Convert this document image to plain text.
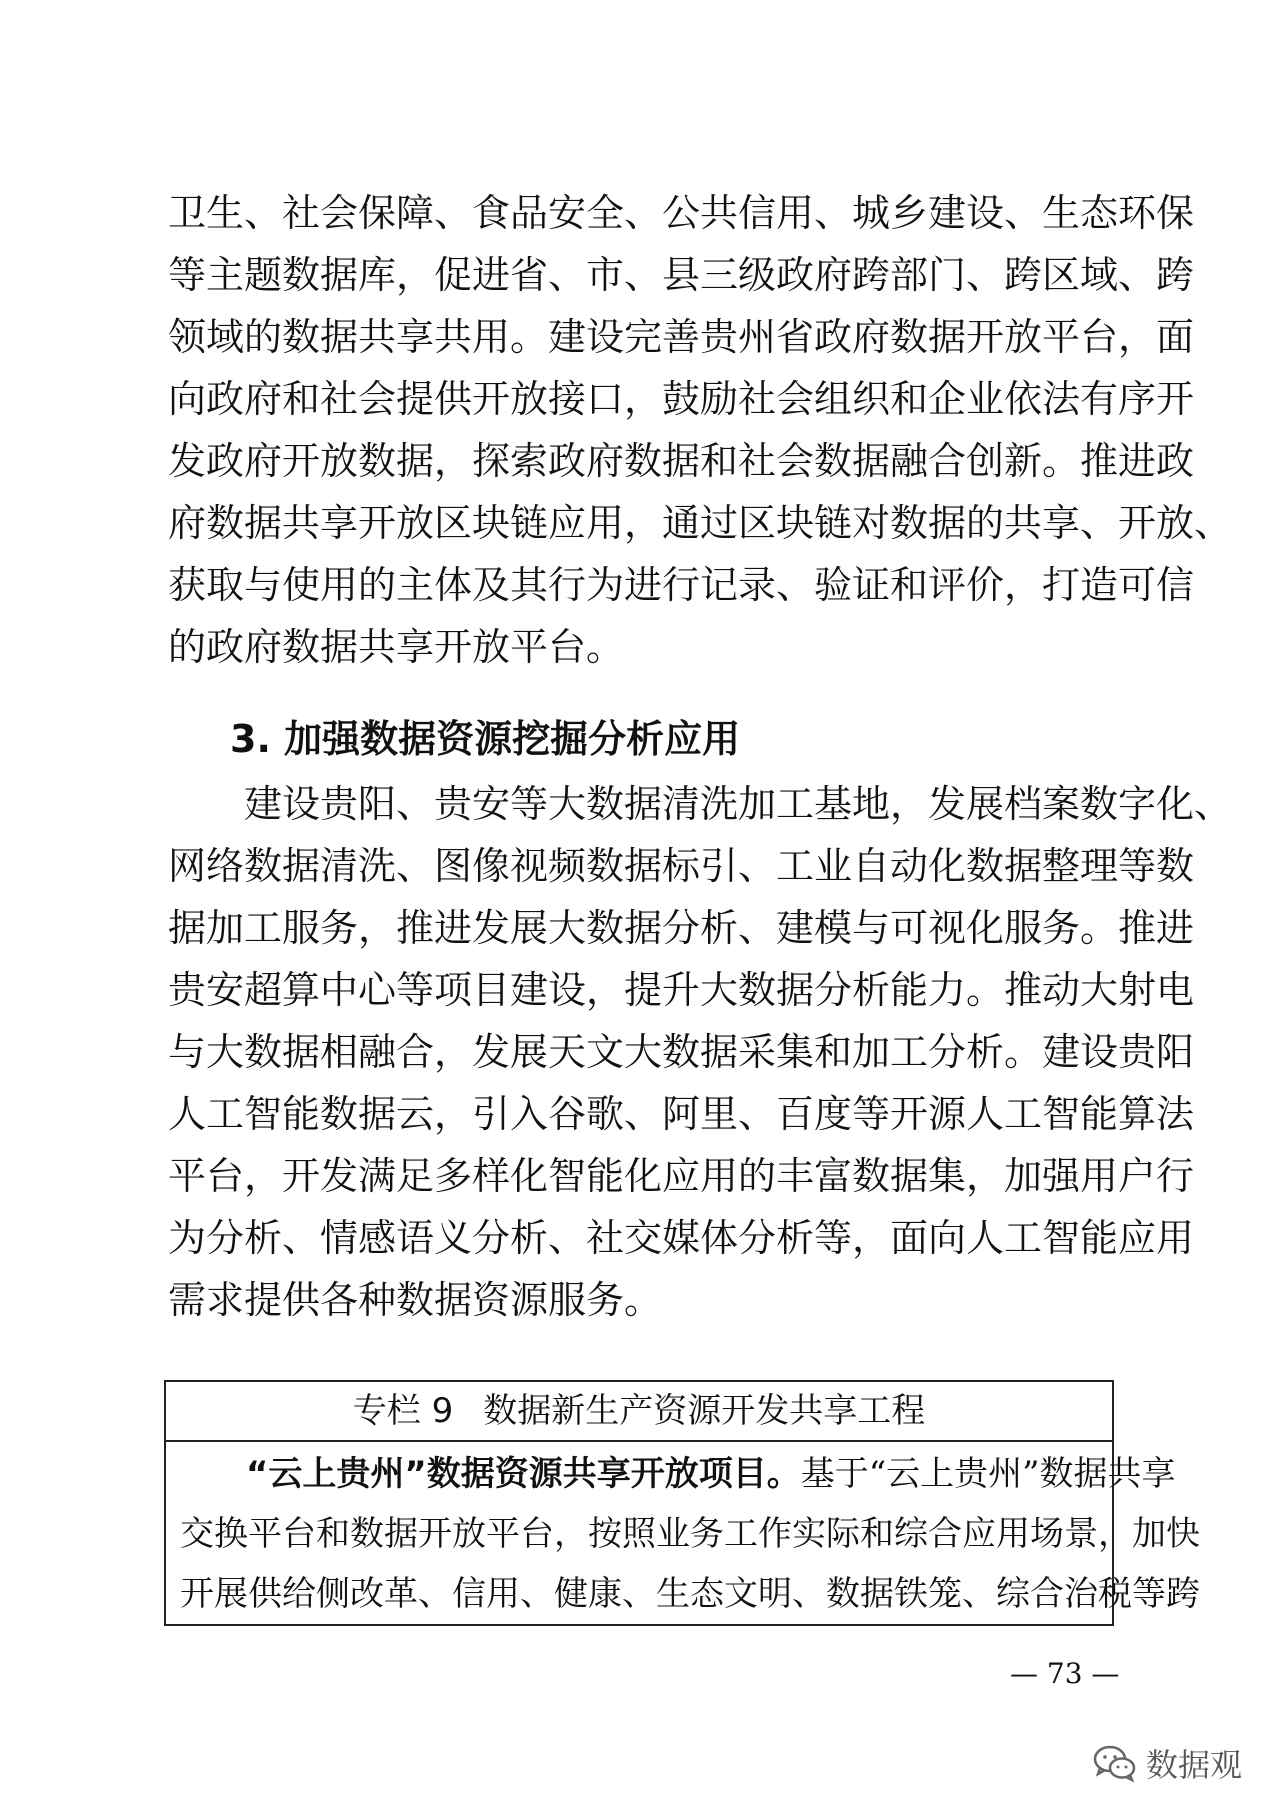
卫生、社会保障、食品安全、公共信用、城乡建设、生态环保
等主题数据库，促进省、市、县三级政府跨部门、跨区域、跨
领域的数据共享共用。建设完善贵州省政府数据开放平台，面
向政府和社会提供开放接口，鼓励社会组织和企业依法有序开
发政府开放数据，探索政府数据和社会数据融合创新。推进政
府数据共享开放区块链应用，通过区块链对数据的共享、开放、
获取与使用的主体及其行为进行记录、验证和评价，打造可信
的政府数据共享开放平台。
3. 加强数据资源挖掘分析应用
建设贵阳、贵安等大数据清洗加工基地，发展档案数字化、
网络数据清洗、图像视频数据标引、工业自动化数据整理等数
据加工服务，推进发展大数据分析、建模与可视化服务。推进
贵安超算中心等项目建设，提升大数据分析能力。推动大射电
与大数据相融合，发展天文大数据采集和加工分析。建设贵阳
人工智能数据云，引入谷歌、阿里、百度等开源人工智能算法
平台，开发满足多样化智能化应用的丰富数据集，加强用户行
为分析、情感语义分析、社交媒体分析等，面向人工智能应用
需求提供各种数据资源服务。
专栏 9 数据新生产资源开发共享工程
“云上贵州”数据资源共享开放项目。基于“云上贵州”数据共享
交换平台和数据开放平台，按照业务工作实际和综合应用场景，加快
开展供给侧改革、信用、健康、生态文明、数据铁笼、综合治税等跨
— 73 —
数据观
